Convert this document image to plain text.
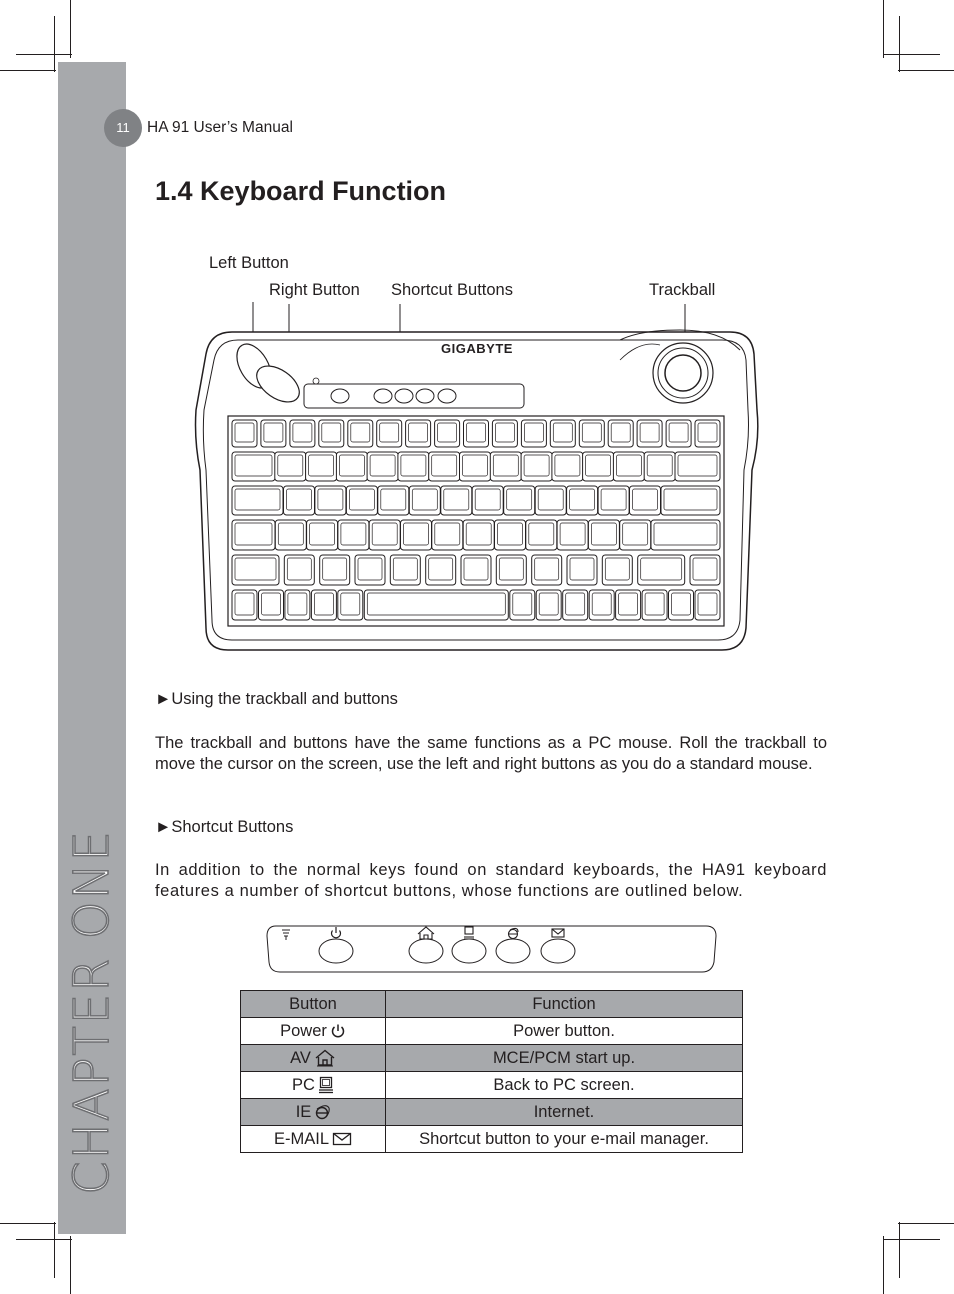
CHAPTER ONE
11	HA 91 User’s Manual
1.4 Keyboard Function
Left Button
Right Button Shortcut Buttons	Trackball
GIGABYTE
►Using the trackball and buttons

The trackball and buttons have the same functions as a PC mouse. Roll the trackball to move the cursor on the screen, use the left and right buttons as you do a standard mouse.

►Shortcut Buttons

In addition to the normal keys found on standard keyboards, the HA91 keyboard features a number of shortcut buttons, whose functions are outlined below.

Button	Function
Power	Power button.
AV	MCE/PCM start up.
PC	Back to PC screen.
IE	Internet.
E-MAIL	Shortcut button to your e-mail manager.
